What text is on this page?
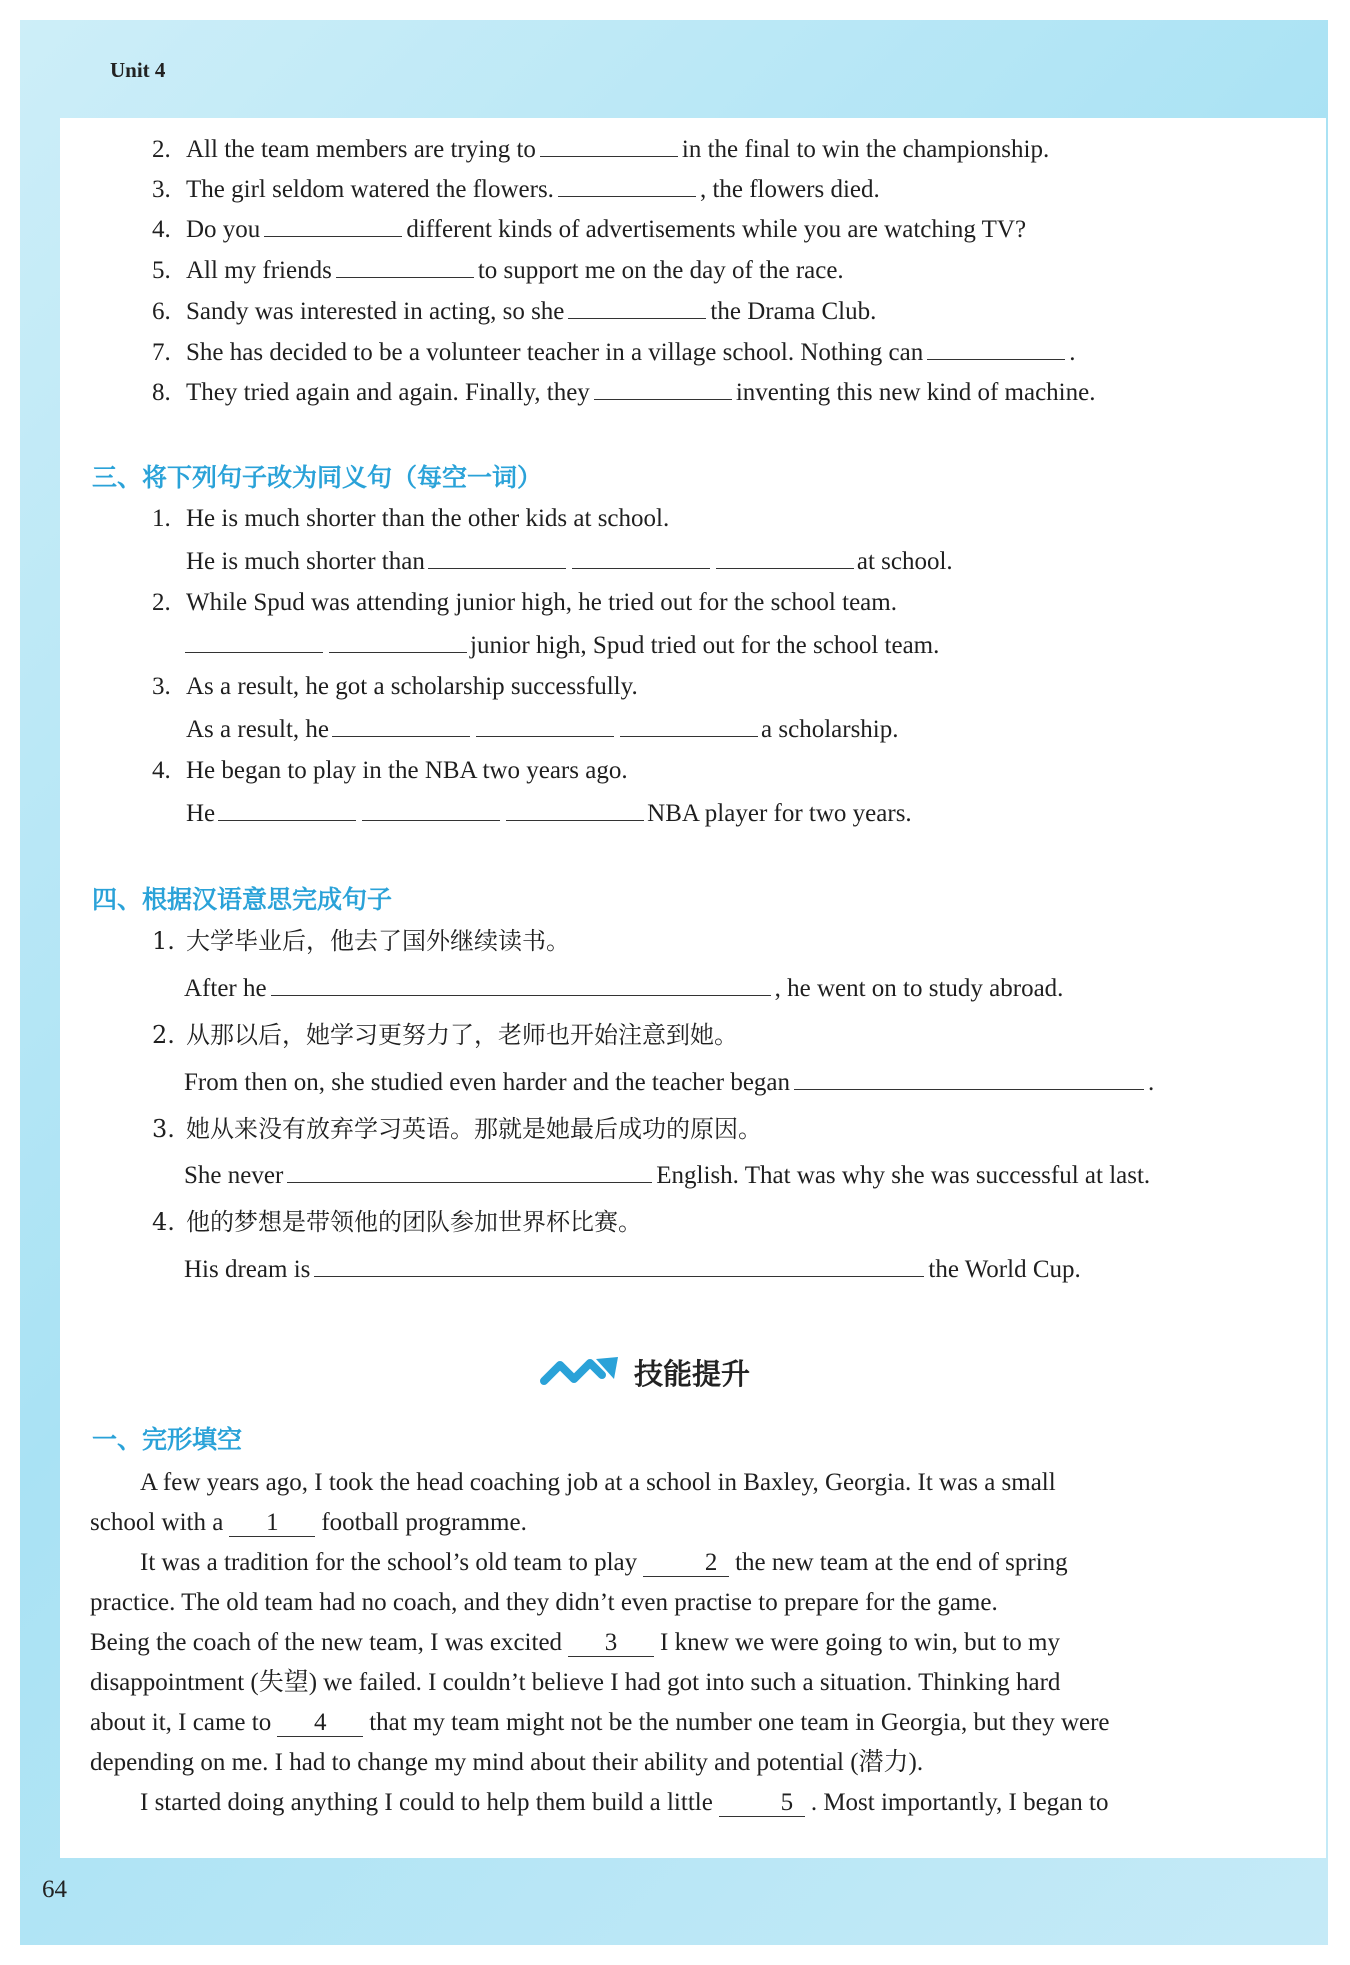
Unit 4
2. All the team members are trying to	in the final to win the championship.
3. The girl seldom watered the flowers.	, the flowers died.
4. Do you	different kinds of advertisements while you are watching TV?
5. All my friends	to support me on the day of the race.
6. Sandy was interested in acting, so she	the Drama Club.
7. She has decided to be a volunteer teacher in a village school. Nothing can	.
8. They tried again and again. Finally, they	inventing this new kind of machine.
三、将下列句子改为同义句（每空一词）
1. He is much shorter than the other kids at school.
He is much shorter than	at school.
2. While Spud was attending junior high, he tried out for the school team.
junior high, Spud tried out for the school team.
3. As a result, he got a scholarship successfully.
As a result, he	a scholarship.
4. He began to play in the NBA two years ago.
He	NBA player for two years.
四、根据汉语意思完成句子
1. 大学毕业后，他去了国外继续读书。
After he	, he went on to study abroad.
2. 从那以后，她学习更努力了，老师也开始注意到她。
From then on, she studied even harder and the teacher began	.
3. 她从来没有放弃学习英语。那就是她最后成功的原因。
She never	English. That was why she was successful at last.
4. 他的梦想是带领他的团队参加世界杯比赛。
His dream is	the World Cup.
技能提升
一、完形填空

A few years ago, I took the head coaching job at a school in Baxley, Georgia. It was a small

school with a 1 football programme.

It was a tradition for the school’s old team to play	2 the new team at the end of spring

practice. The old team had no coach, and they didn’t even practise to prepare for the game.

Being the coach of the new team, I was excited 3 I knew we were going to win, but to my

disappointment (失望) we failed. I couldn’t believe I had got into such a situation. Thinking hard

about it, I came to 4 that my team might not be the number one team in Georgia, but they were

depending on me. I had to change my mind about their ability and potential (潜力).

I started doing anything I could to help them build a little	5 . Most importantly, I began to

64
